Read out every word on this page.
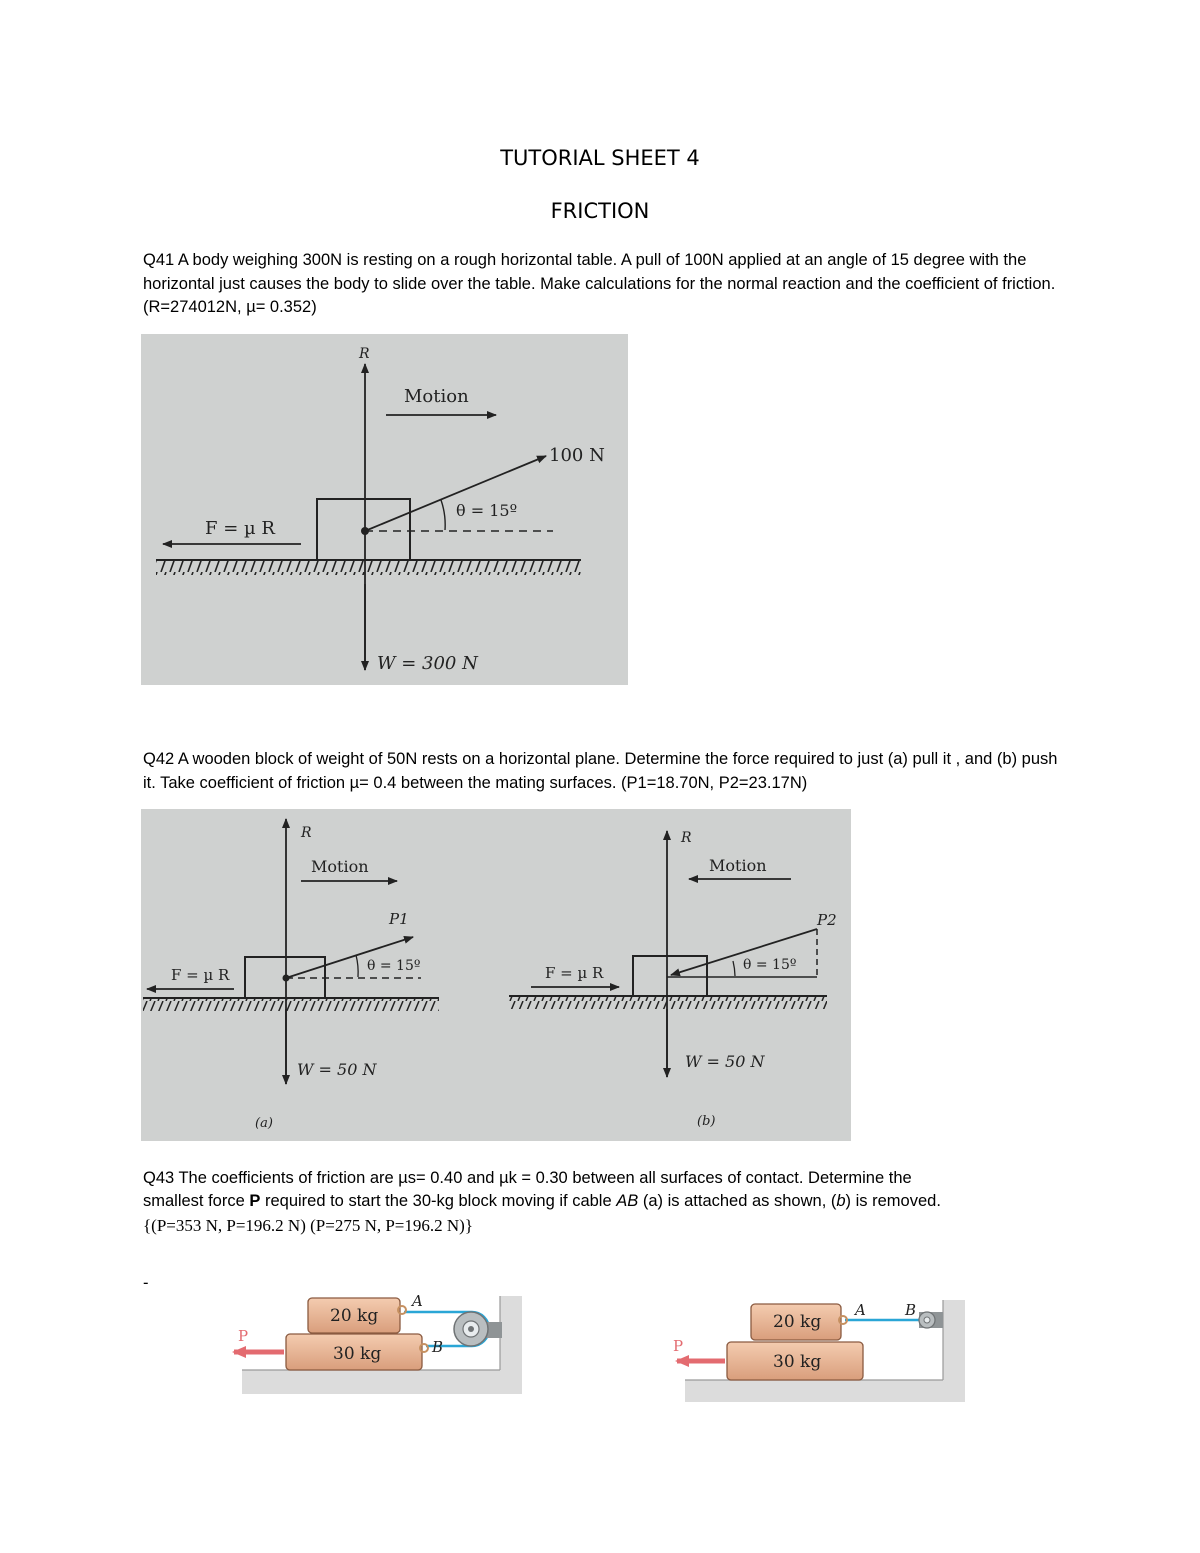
TUTORIAL SHEET 4
FRICTION
Q41 A body weighing 300N is resting on a rough horizontal table. A pull of 100N applied at an angle of 15 degree with the horizontal just causes the body to slide over the table. Make calculations for the normal reaction and the coefficient of friction.(R=274012N, µ= 0.352)
R
Motion
100 N
θ = 15º
F = µ R
W = 300 N
Q42 A wooden block of weight of 50N rests on a horizontal plane. Determine the force required to just (a) pull it , and (b) push it. Take coefficient of friction µ= 0.4 between the mating surfaces. (P1=18.70N, P2=23.17N)
R
Motion
P1
θ = 15º
F = µ R
W = 50 N
(a)
R
Motion
P2
θ = 15º
F = µ R
W = 50 N
(b)
Q43 The coefficients of friction are µs= 0.40 and µk = 0.30 between all surfaces of contact. Determine the
smallest force P required to start the 30-kg block moving if cable AB (a) is attached as shown, (b) is removed.
{(P=353 N, P=196.2 N) (P=275 N, P=196.2 N)}
-
20 kg
30 kg
P
A
B
20 kg
30 kg
P
A	B
